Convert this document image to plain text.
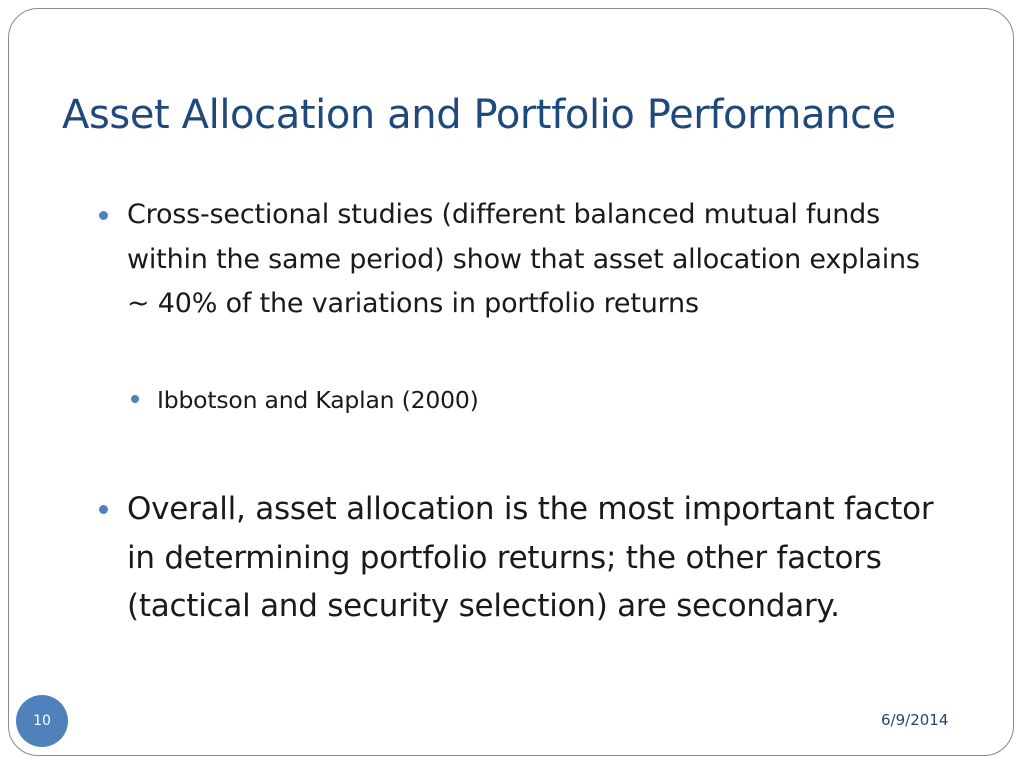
Asset Allocation and Portfolio Performance
Cross-sectional studies (different balanced mutual funds within the same period) show that asset allocation explains ~ 40% of the variations in portfolio returns
Ibbotson and Kaplan (2000)
Overall, asset allocation is the most important factor in determining portfolio returns; the other factors (tactical and security selection) are secondary.
10	6/9/2014
